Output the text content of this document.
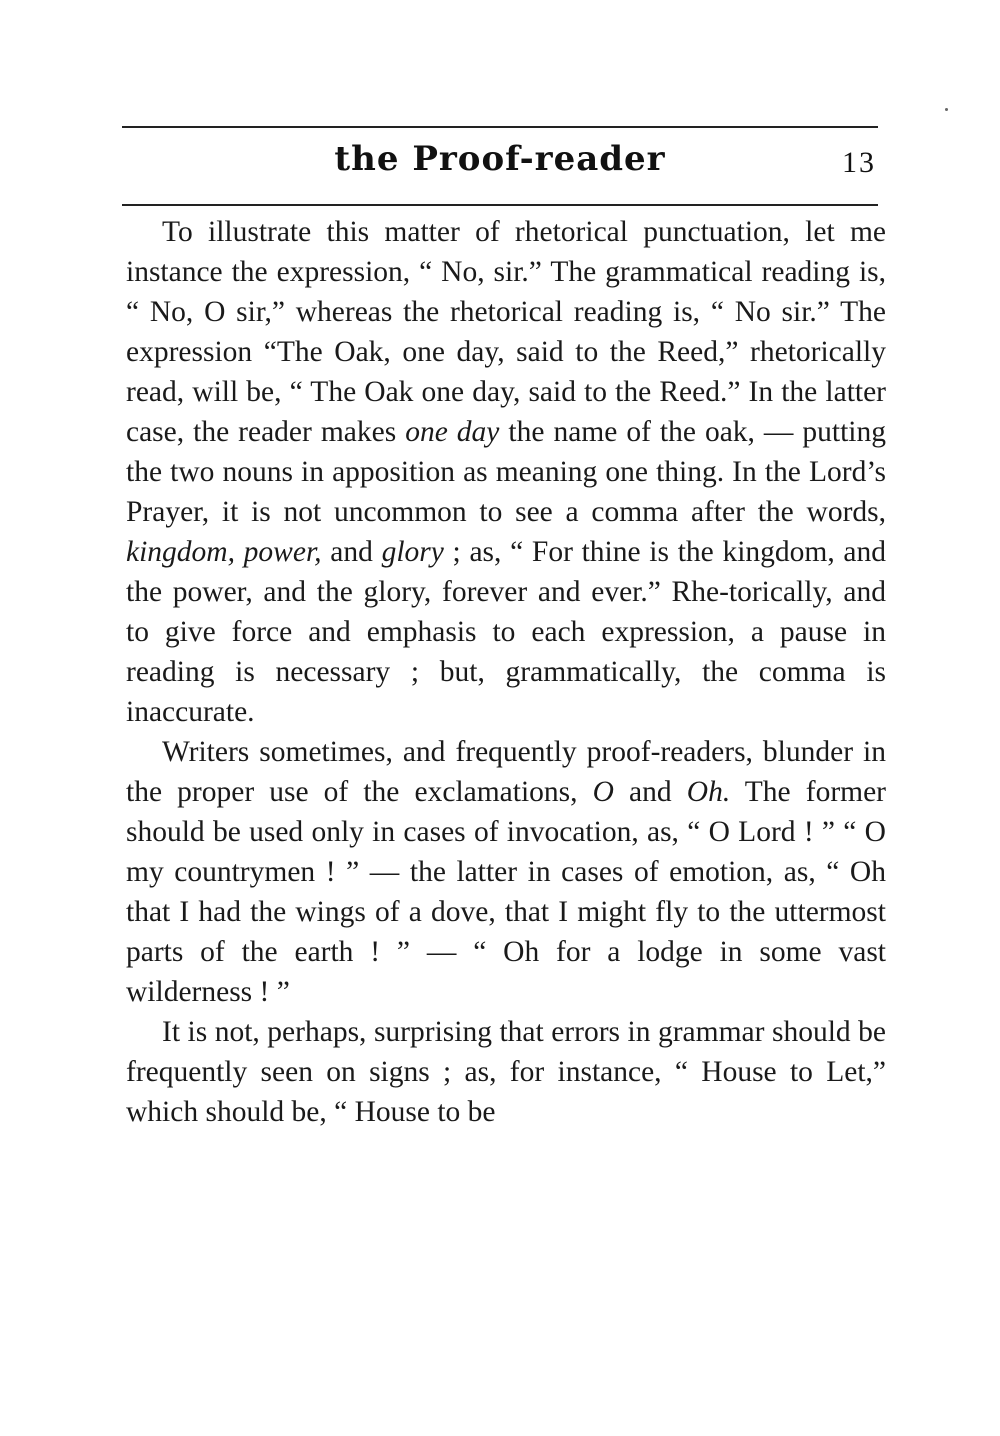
the Proof-reader	13

To illustrate this matter of rhetorical punctuation, let me instance the expression, “ No, sir.” The grammatical reading is, “ No, O sir,” whereas the rhetorical reading is, “ No sir.” The expression “The Oak, one day, said to the Reed,” rhetorically read, will be, “ The Oak one day, said to the Reed.” In the latter case, the reader makes one day the name of the oak, — putting the two nouns in apposition as meaning one thing. In the Lord’s Prayer, it is not uncommon to see a comma after the words, kingdom, power, and glory ; as, “ For thine is the kingdom, and the power, and the glory, forever and ever.” Rhe-torically, and to give force and emphasis to each expression, a pause in reading is necessary ; but, grammatically, the comma is inaccurate.

Writers sometimes, and frequently proof-readers, blunder in the proper use of the exclamations, O and Oh. The former should be used only in cases of invocation, as, “ O Lord ! ” “ O my countrymen ! ” — the latter in cases of emotion, as, “ Oh that I had the wings of a dove, that I might fly to the uttermost parts of the earth ! ” — “ Oh for a lodge in some vast wilderness ! ”

It is not, perhaps, surprising that errors in grammar should be frequently seen on signs ; as, for instance, “ House to Let,” which should be, “ House to be
